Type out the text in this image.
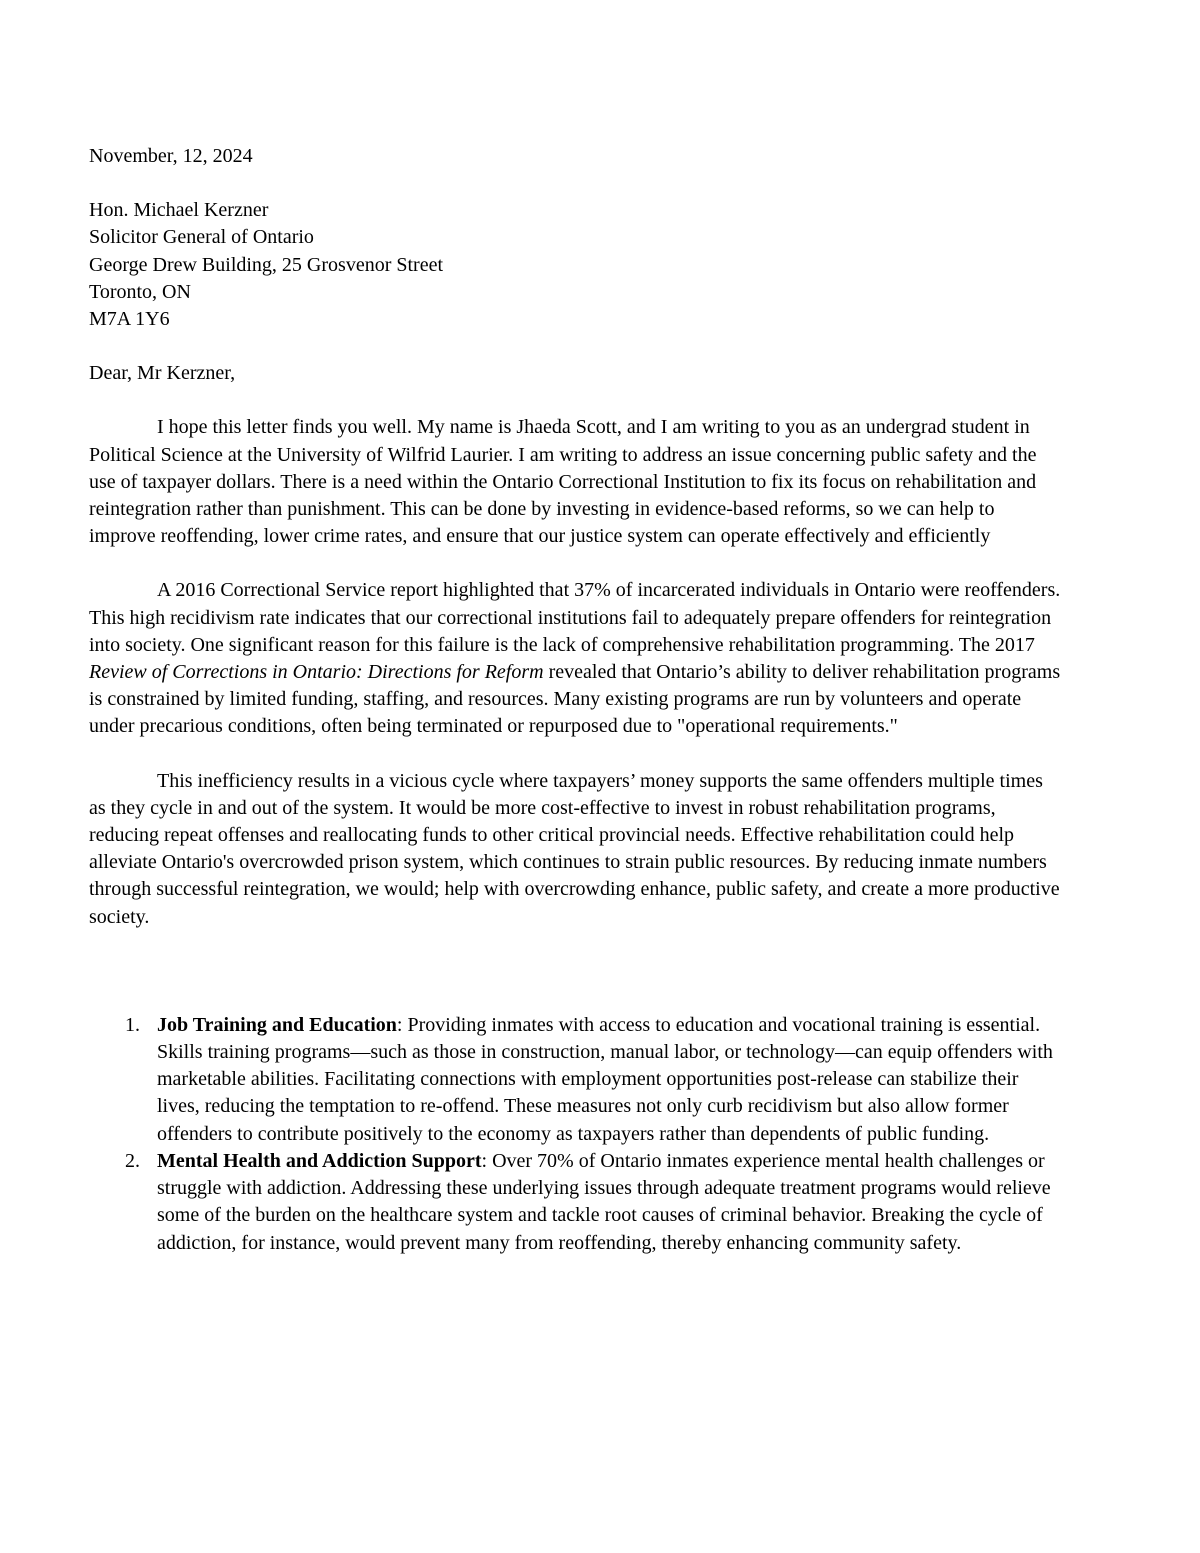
November, 12, 2024
Hon. Michael Kerzner
Solicitor General of Ontario
George Drew Building, 25 Grosvenor Street
Toronto, ON
M7A 1Y6
Dear, Mr Kerzner,

I hope this letter finds you well. My name is Jhaeda Scott, and I am writing to you as an undergrad student in Political Science at the University of Wilfrid Laurier. I am writing to address an issue concerning public safety and the use of taxpayer dollars. There is a need within the Ontario Correctional Institution to fix its focus on rehabilitation and reintegration rather than punishment. This can be done by investing in evidence-based reforms, so we can help to improve reoffending, lower crime rates, and ensure that our justice system can operate effectively and efficiently

A 2016 Correctional Service report highlighted that 37% of incarcerated individuals in Ontario were reoffenders. This high recidivism rate indicates that our correctional institutions fail to adequately prepare offenders for reintegration into society. One significant reason for this failure is the lack of comprehensive rehabilitation programming. The 2017 Review of Corrections in Ontario: Directions for Reform revealed that Ontario’s ability to deliver rehabilitation programs is constrained by limited funding, staffing, and resources. Many existing programs are run by volunteers and operate under precarious conditions, often being terminated or repurposed due to "operational requirements."

This inefficiency results in a vicious cycle where taxpayers’ money supports the same offenders multiple times as they cycle in and out of the system. It would be more cost-effective to invest in robust rehabilitation programs, reducing repeat offenses and reallocating funds to other critical provincial needs. Effective rehabilitation could help alleviate Ontario's overcrowded prison system, which continues to strain public resources. By reducing inmate numbers through successful reintegration, we would; help with overcrowding enhance, public safety, and create a more productive society.

1. Job Training and Education: Providing inmates with access to education and vocational training is essential. Skills training programs—such as those in construction, manual labor, or technology—can equip offenders with marketable abilities. Facilitating connections with employment opportunities post-release can stabilize their lives, reducing the temptation to re-offend. These measures not only curb recidivism but also allow former offenders to contribute positively to the economy as taxpayers rather than dependents of public funding.
2. Mental Health and Addiction Support: Over 70% of Ontario inmates experience mental health challenges or struggle with addiction. Addressing these underlying issues through adequate treatment programs would relieve some of the burden on the healthcare system and tackle root causes of criminal behavior. Breaking the cycle of addiction, for instance, would prevent many from reoffending, thereby enhancing community safety.
